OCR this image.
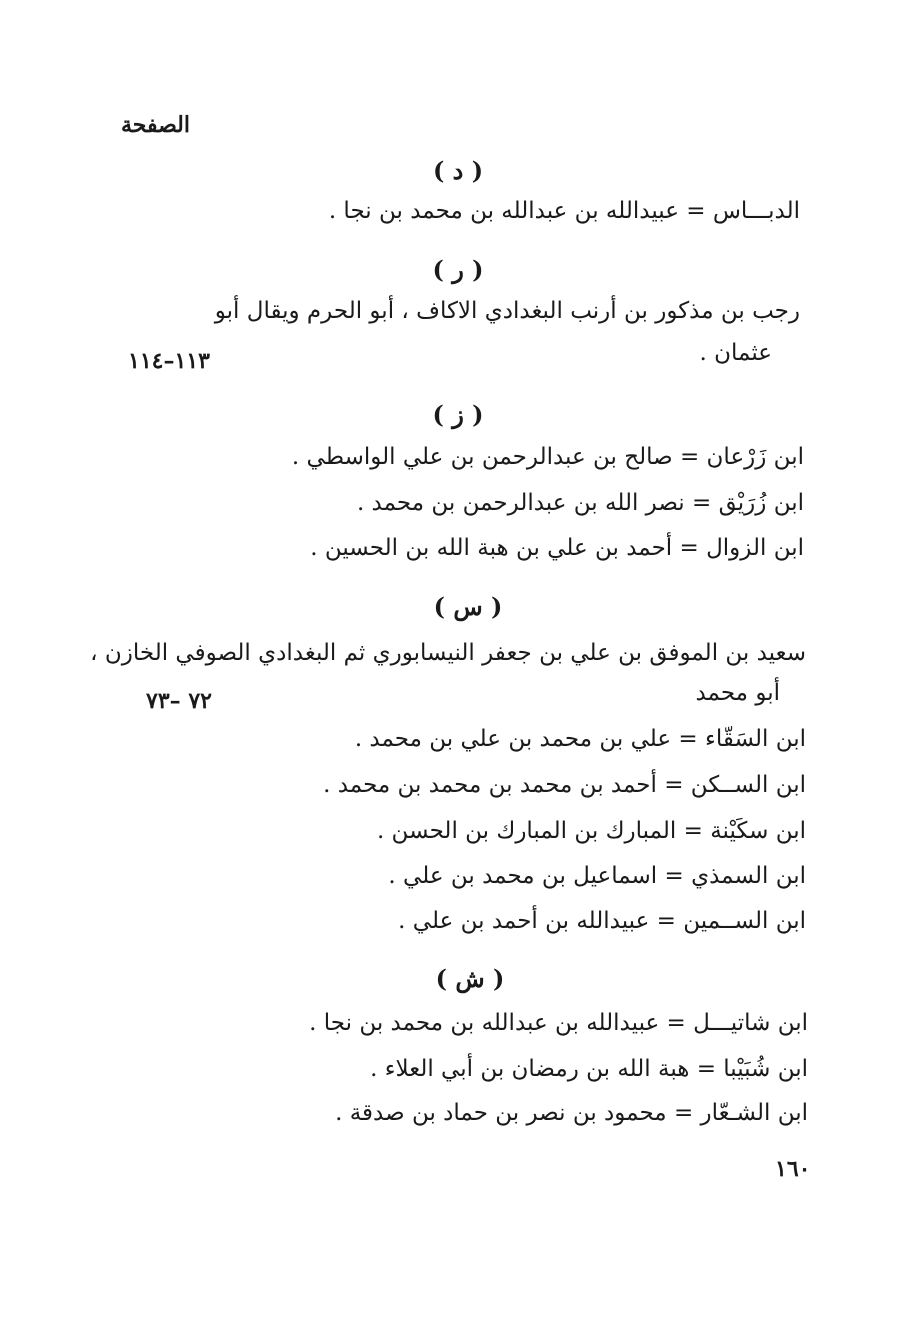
الصفحة
( د )
الدبـــاس = عبيدالله بن عبدالله بن محمد بن نجا .
( ر )
رجب بن مذكور بن أرنب البغدادي الاكاف ، أبو الحرم ويقال أبو
عثمان .
١١٣–١١٤
( ز )
ابن زَرْعان = صالح بن عبدالرحمن بن علي الواسطي .
ابن زُرَيْق = نصر الله بن عبدالرحمن بن محمد .
ابن الزوال = أحمد بن علي بن هبة الله بن الحسين .
( س )
سعيد بن الموفق بن علي بن جعفر النيسابوري ثم البغدادي الصوفي الخازن ،
أبو محمد
٧٢ –٧٣
ابن السَقّاء = علي بن محمد بن علي بن محمد .
ابن الســكن = أحمد بن محمد بن محمد بن محمد .
ابن سكَيْنة = المبارك بن المبارك بن الحسن .
ابن السمذي = اسماعيل بن محمد بن علي .
ابن الســمين = عبيدالله بن أحمد بن علي .
( ش )
ابن شاتيـــل = عبيدالله بن عبدالله بن محمد بن نجا .
ابن شُبَيْبا = هبة الله بن رمضان بن أبي العلاء .
ابن الشـعّار = محمود بن نصر بن حماد بن صدقة .
١٦٠
